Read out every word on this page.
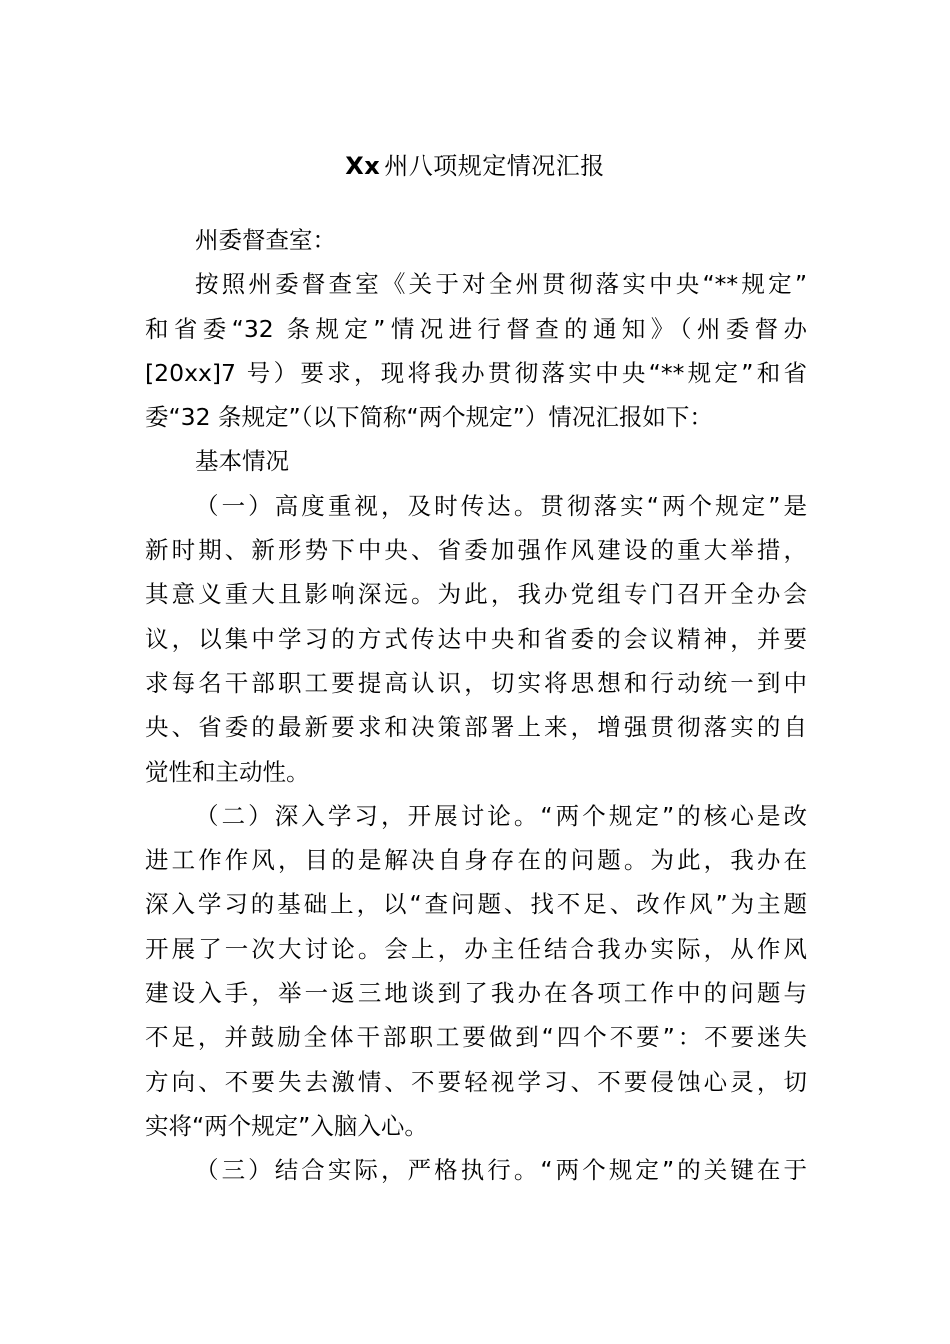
Xx 州八项规定情况汇报
州委督查室：
按照州委督查室《关于对全州贯彻落实中央“**规定”
和省委“32 条规定”情况进行督查的通知》（州委督办
[20xx]7 号）要求，现将我办贯彻落实中央“**规定”和省
委“32 条规定”（以下简称“两个规定”）情况汇报如下：
基本情况
（一）高度重视，及时传达。贯彻落实“两个规定”是
新时期、新形势下中央、省委加强作风建设的重大举措，
其意义重大且影响深远。为此，我办党组专门召开全办会
议，以集中学习的方式传达中央和省委的会议精神，并要
求每名干部职工要提高认识，切实将思想和行动统一到中
央、省委的最新要求和决策部署上来，增强贯彻落实的自
觉性和主动性。
（二）深入学习，开展讨论。“两个规定”的核心是改
进工作作风，目的是解决自身存在的问题。为此，我办在
深入学习的基础上，以“查问题、找不足、改作风”为主题
开展了一次大讨论。会上，办主任结合我办实际，从作风
建设入手，举一返三地谈到了我办在各项工作中的问题与
不足，并鼓励全体干部职工要做到“四个不要”：不要迷失
方向、不要失去激情、不要轻视学习、不要侵蚀心灵，切
实将“两个规定”入脑入心。
（三）结合实际，严格执行。“两个规定”的关键在于
